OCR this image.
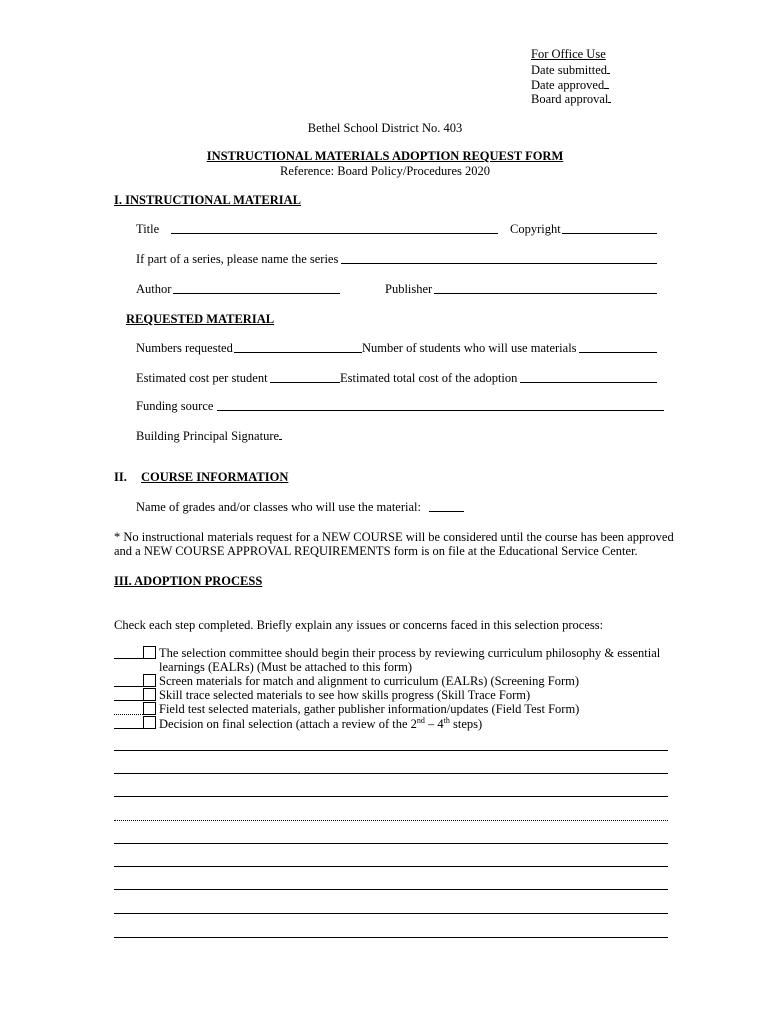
For Office Use
Date submitted
Date approved
Board approval
Bethel School District No. 403
INSTRUCTIONAL MATERIALS ADOPTION REQUEST FORM
Reference: Board Policy/Procedures 2020
I. INSTRUCTIONAL MATERIAL
Title	Copyright
If part of a series, please name the series
Author	Publisher
REQUESTED MATERIAL
Numbers requested	Number of students who will use materials
Estimated cost per student	Estimated total cost of the adoption
Funding source
Building Principal Signature
II. COURSE INFORMATION
Name of grades and/or classes who will use the material:
* No instructional materials request for a NEW COURSE will be considered until the course has been approved
and a NEW COURSE APPROVAL REQUIREMENTS form is on file at the Educational Service Center.
III. ADOPTION PROCESS
Check each step completed. Briefly explain any issues or concerns faced in this selection process:
The selection committee should begin their process by reviewing curriculum philosophy & essential
learnings (EALRs) (Must be attached to this form)
Screen materials for match and alignment to curriculum (EALRs) (Screening Form)
Skill trace selected materials to see how skills progress (Skill Trace Form)
Field test selected materials, gather publisher information/updates (Field Test Form)
Decision on final selection (attach a review of the 2nd – 4th steps)
